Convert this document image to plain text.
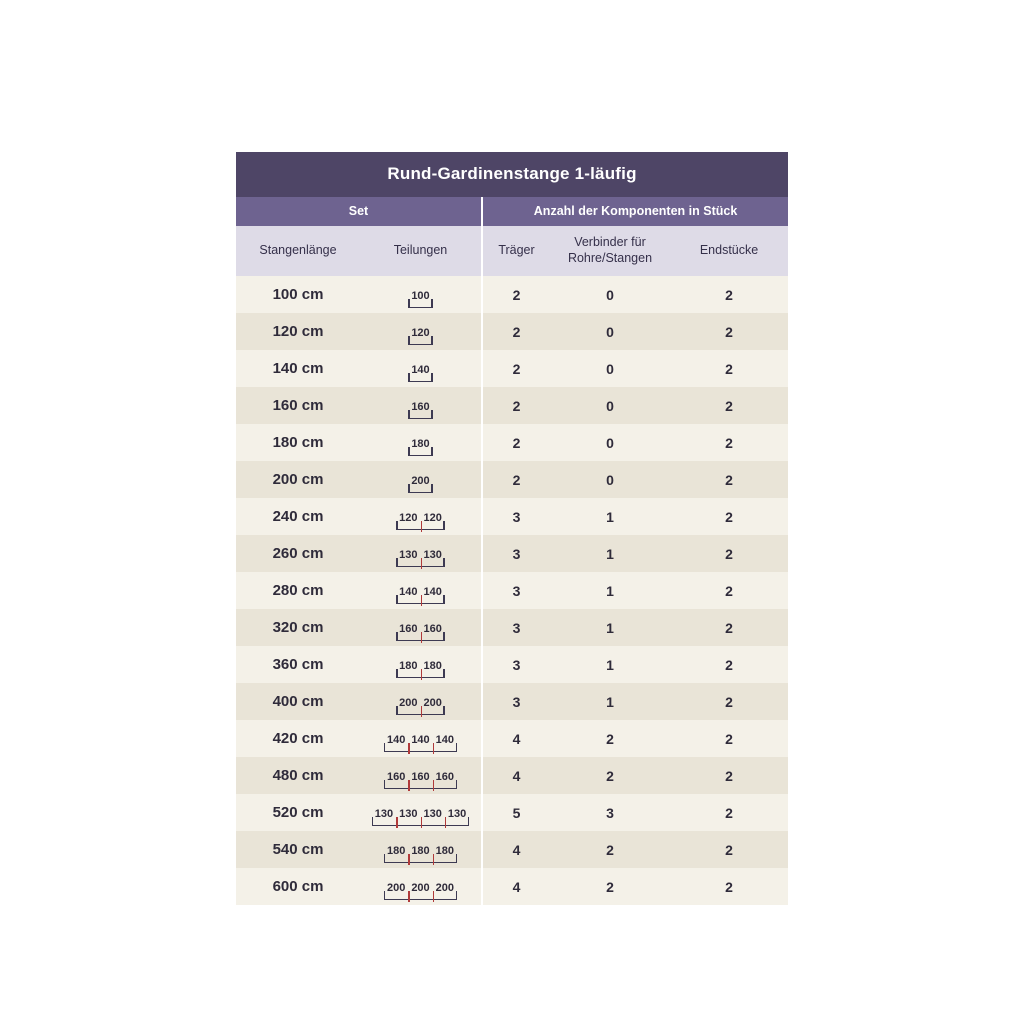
Rund-Gardinenstange 1-läufig				
Set		Anzahl der Komponenten in Stück		
Stangenlänge	Teilungen	Träger	Verbinder für Rohre/Stangen	Endstücke
100 cm	100	2	0	2
120 cm	120	2	0	2
140 cm	140	2	0	2
160 cm	160	2	0	2
180 cm	180	2	0	2
200 cm	200	2	0	2
240 cm	120 120	3	1	2
260 cm	130 130	3	1	2
280 cm	140 140	3	1	2
320 cm	160 160	3	1	2
360 cm	180 180	3	1	2
400 cm	200 200	3	1	2
420 cm	140 140 140	4	2	2
480 cm	160 160 160	4	2	2
520 cm	130 130 130 130	5	3	2
540 cm	180 180 180	4	2	2
600 cm	200 200 200	4	2	2
